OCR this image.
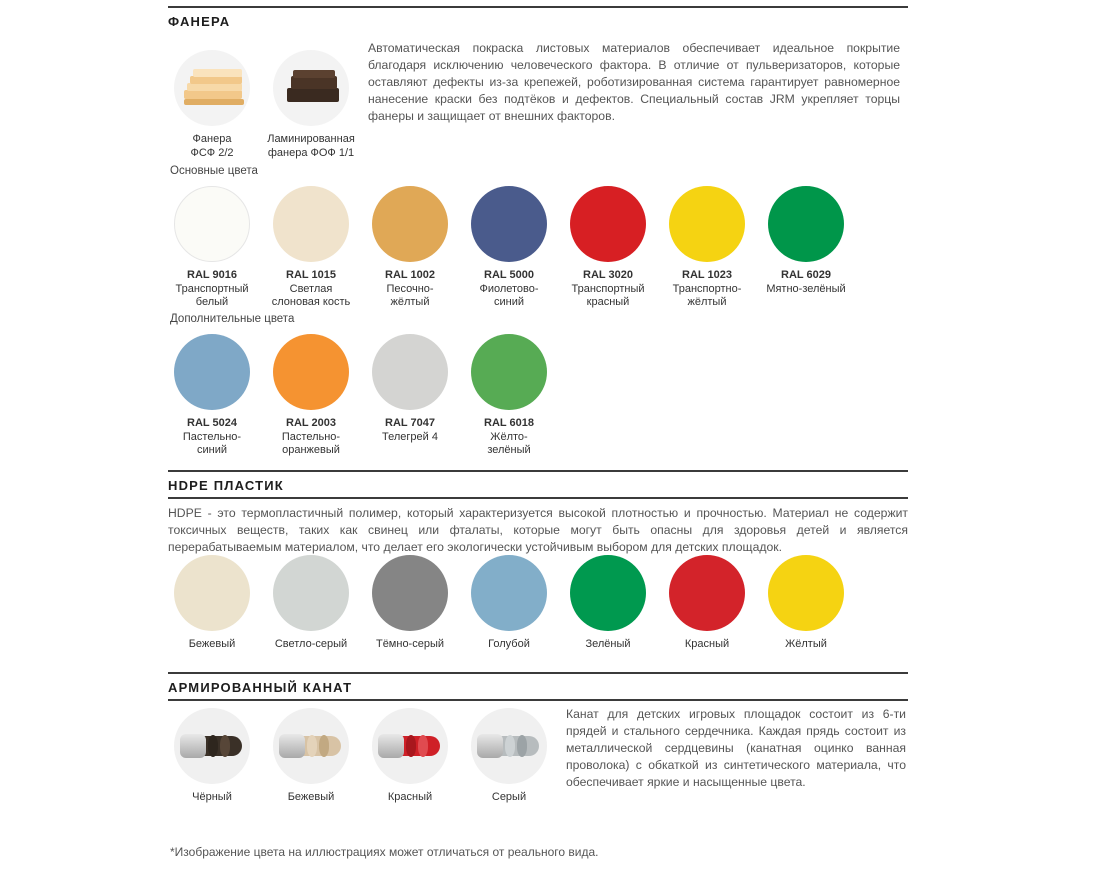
ФАНЕРА
Фанера
ФСФ 2/2
Ламинированная
фанера ФОФ 1/1
Автоматическая покраска листовых материалов обеспечивает идеальное покрытие благодаря исключению человеческого фактора. В отличие от пульверизаторов, которые оставляют дефекты из-за крепежей, роботизированная система гарантирует равномерное нанесение краски без подтёков и дефектов. Специальный состав JRM укрепляет торцы фанеры и защищает от внешних факторов.
Основные цвета
RAL 9016
Транспортный
белый
RAL 1015
Светлая
слоновая кость
RAL 1002
Песочно-
жёлтый
RAL 5000
Фиолетово-
синий
RAL 3020
Транспортный
красный
RAL 1023
Транспортно-
жёлтый
RAL 6029
Мятно-зелёный
Дополнительные цвета
RAL 5024
Пастельно-
синий
RAL 2003
Пастельно-
оранжевый
RAL 7047
Телегрей 4
RAL 6018
Жёлто-
зелёный
HDPE ПЛАСТИК
HDPE - это термопластичный полимер, который характеризуется высокой плотностью и прочностью. Материал не содержит токсичных веществ, таких как свинец или фталаты, которые могут быть опасны для здоровья детей и является перерабатываемым материалом, что делает его экологически устойчивым выбором для детских площадок.
Бежевый	Светло-серый	Тёмно-серый	Голубой	Зелёный	Красный	Жёлтый
АРМИРОВАННЫЙ КАНАТ
Канат для детских игровых площадок состоит из 6-ти прядей и стального сердечника. Каждая прядь состоит из металлической сердцевины (канатная оцинко ванная проволока) с обкаткой из синтетического материала, что обеспечивает яркие и насыщенные цвета.
Чёрный	Бежевый	Красный	Серый
*Изображение цвета на иллюстрациях может отличаться от реального вида.
